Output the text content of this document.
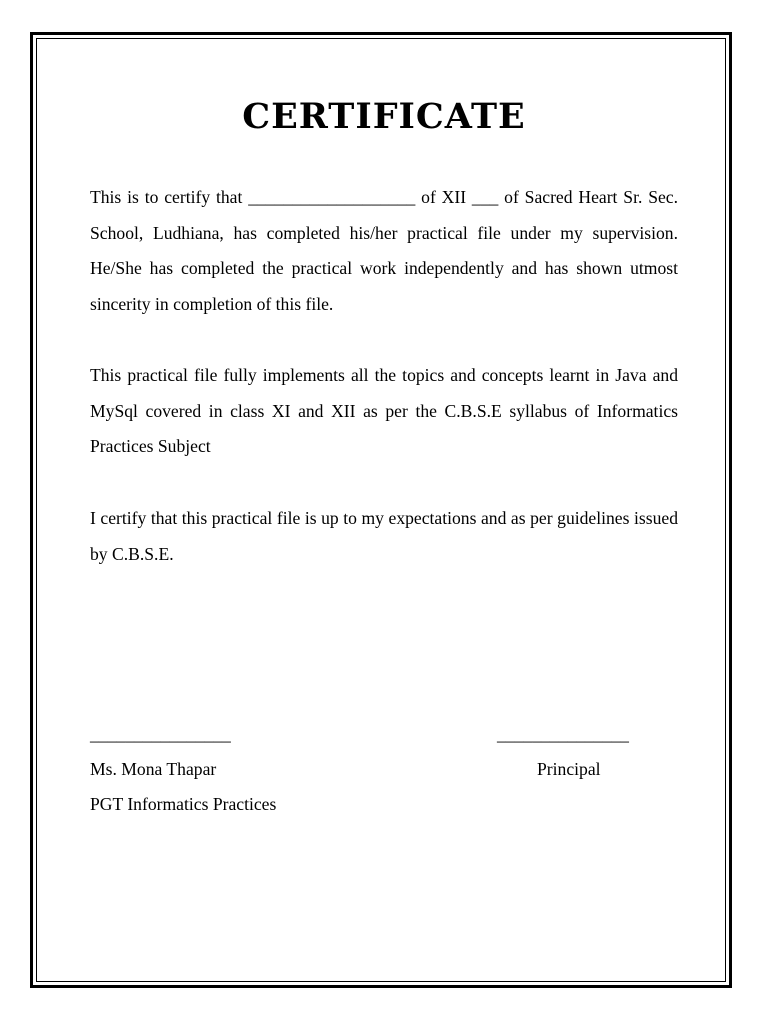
CERTIFICATE

This is to certify that ___________________ of XII ___ of Sacred Heart Sr. Sec. School, Ludhiana, has completed his/her practical file under my supervision. He/She has completed the practical work independently and has shown utmost sincerity in completion of this file.

This practical file fully implements all the topics and concepts learnt in Java and MySql covered in class XI and XII as per the C.B.S.E syllabus of Informatics Practices Subject

I certify that this practical file is up to my expectations and as per guidelines issued by C.B.S.E.

________________	_______________

Ms. Mona Thapar

PGT Informatics Practices

Principal
